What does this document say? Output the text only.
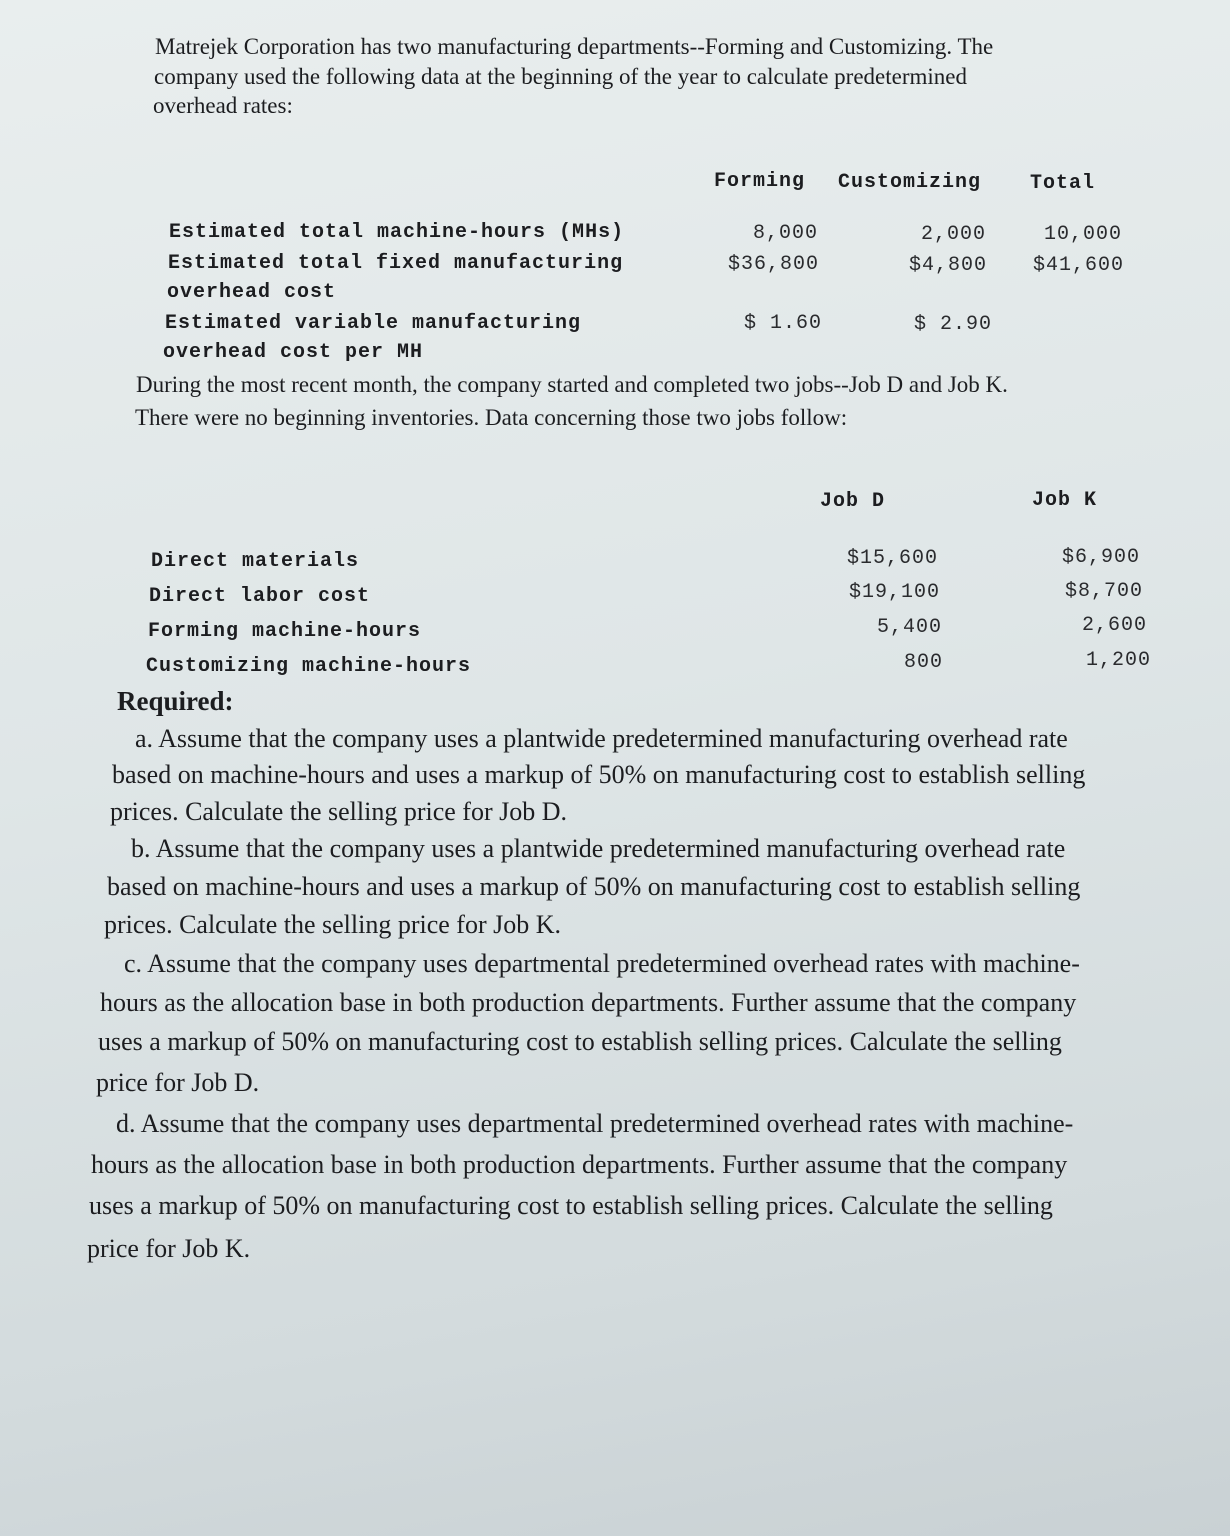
Matrejek Corporation has two manufacturing departments--Forming and Customizing. The
company used the following data at the beginning of the year to calculate predetermined
overhead rates:
Forming Customizing Total
Estimated total machine-hours (MHs)	8,000	2,000	10,000
Estimated total fixed manufacturing
overhead cost
$36,800	$4,800	$41,600
Estimated variable manufacturing
overhead cost per MH
$ 1.60	$ 2.90
During the most recent month, the company started and completed two jobs--Job D and Job K.
There were no beginning inventories. Data concerning those two jobs follow:
Job D	Job K
Direct materials	$15,600	$6,900
Direct labor cost	$19,100	$8,700
Forming machine-hours	5,400	2,600
Customizing machine-hours	800	1,200
Required:
a. Assume that the company uses a plantwide predetermined manufacturing overhead rate
based on machine-hours and uses a markup of 50% on manufacturing cost to establish selling
prices. Calculate the selling price for Job D.
b. Assume that the company uses a plantwide predetermined manufacturing overhead rate
based on machine-hours and uses a markup of 50% on manufacturing cost to establish selling
prices. Calculate the selling price for Job K.
c. Assume that the company uses departmental predetermined overhead rates with machine-
hours as the allocation base in both production departments. Further assume that the company
uses a markup of 50% on manufacturing cost to establish selling prices. Calculate the selling
price for Job D.
d. Assume that the company uses departmental predetermined overhead rates with machine-
hours as the allocation base in both production departments. Further assume that the company
uses a markup of 50% on manufacturing cost to establish selling prices. Calculate the selling
price for Job K.
